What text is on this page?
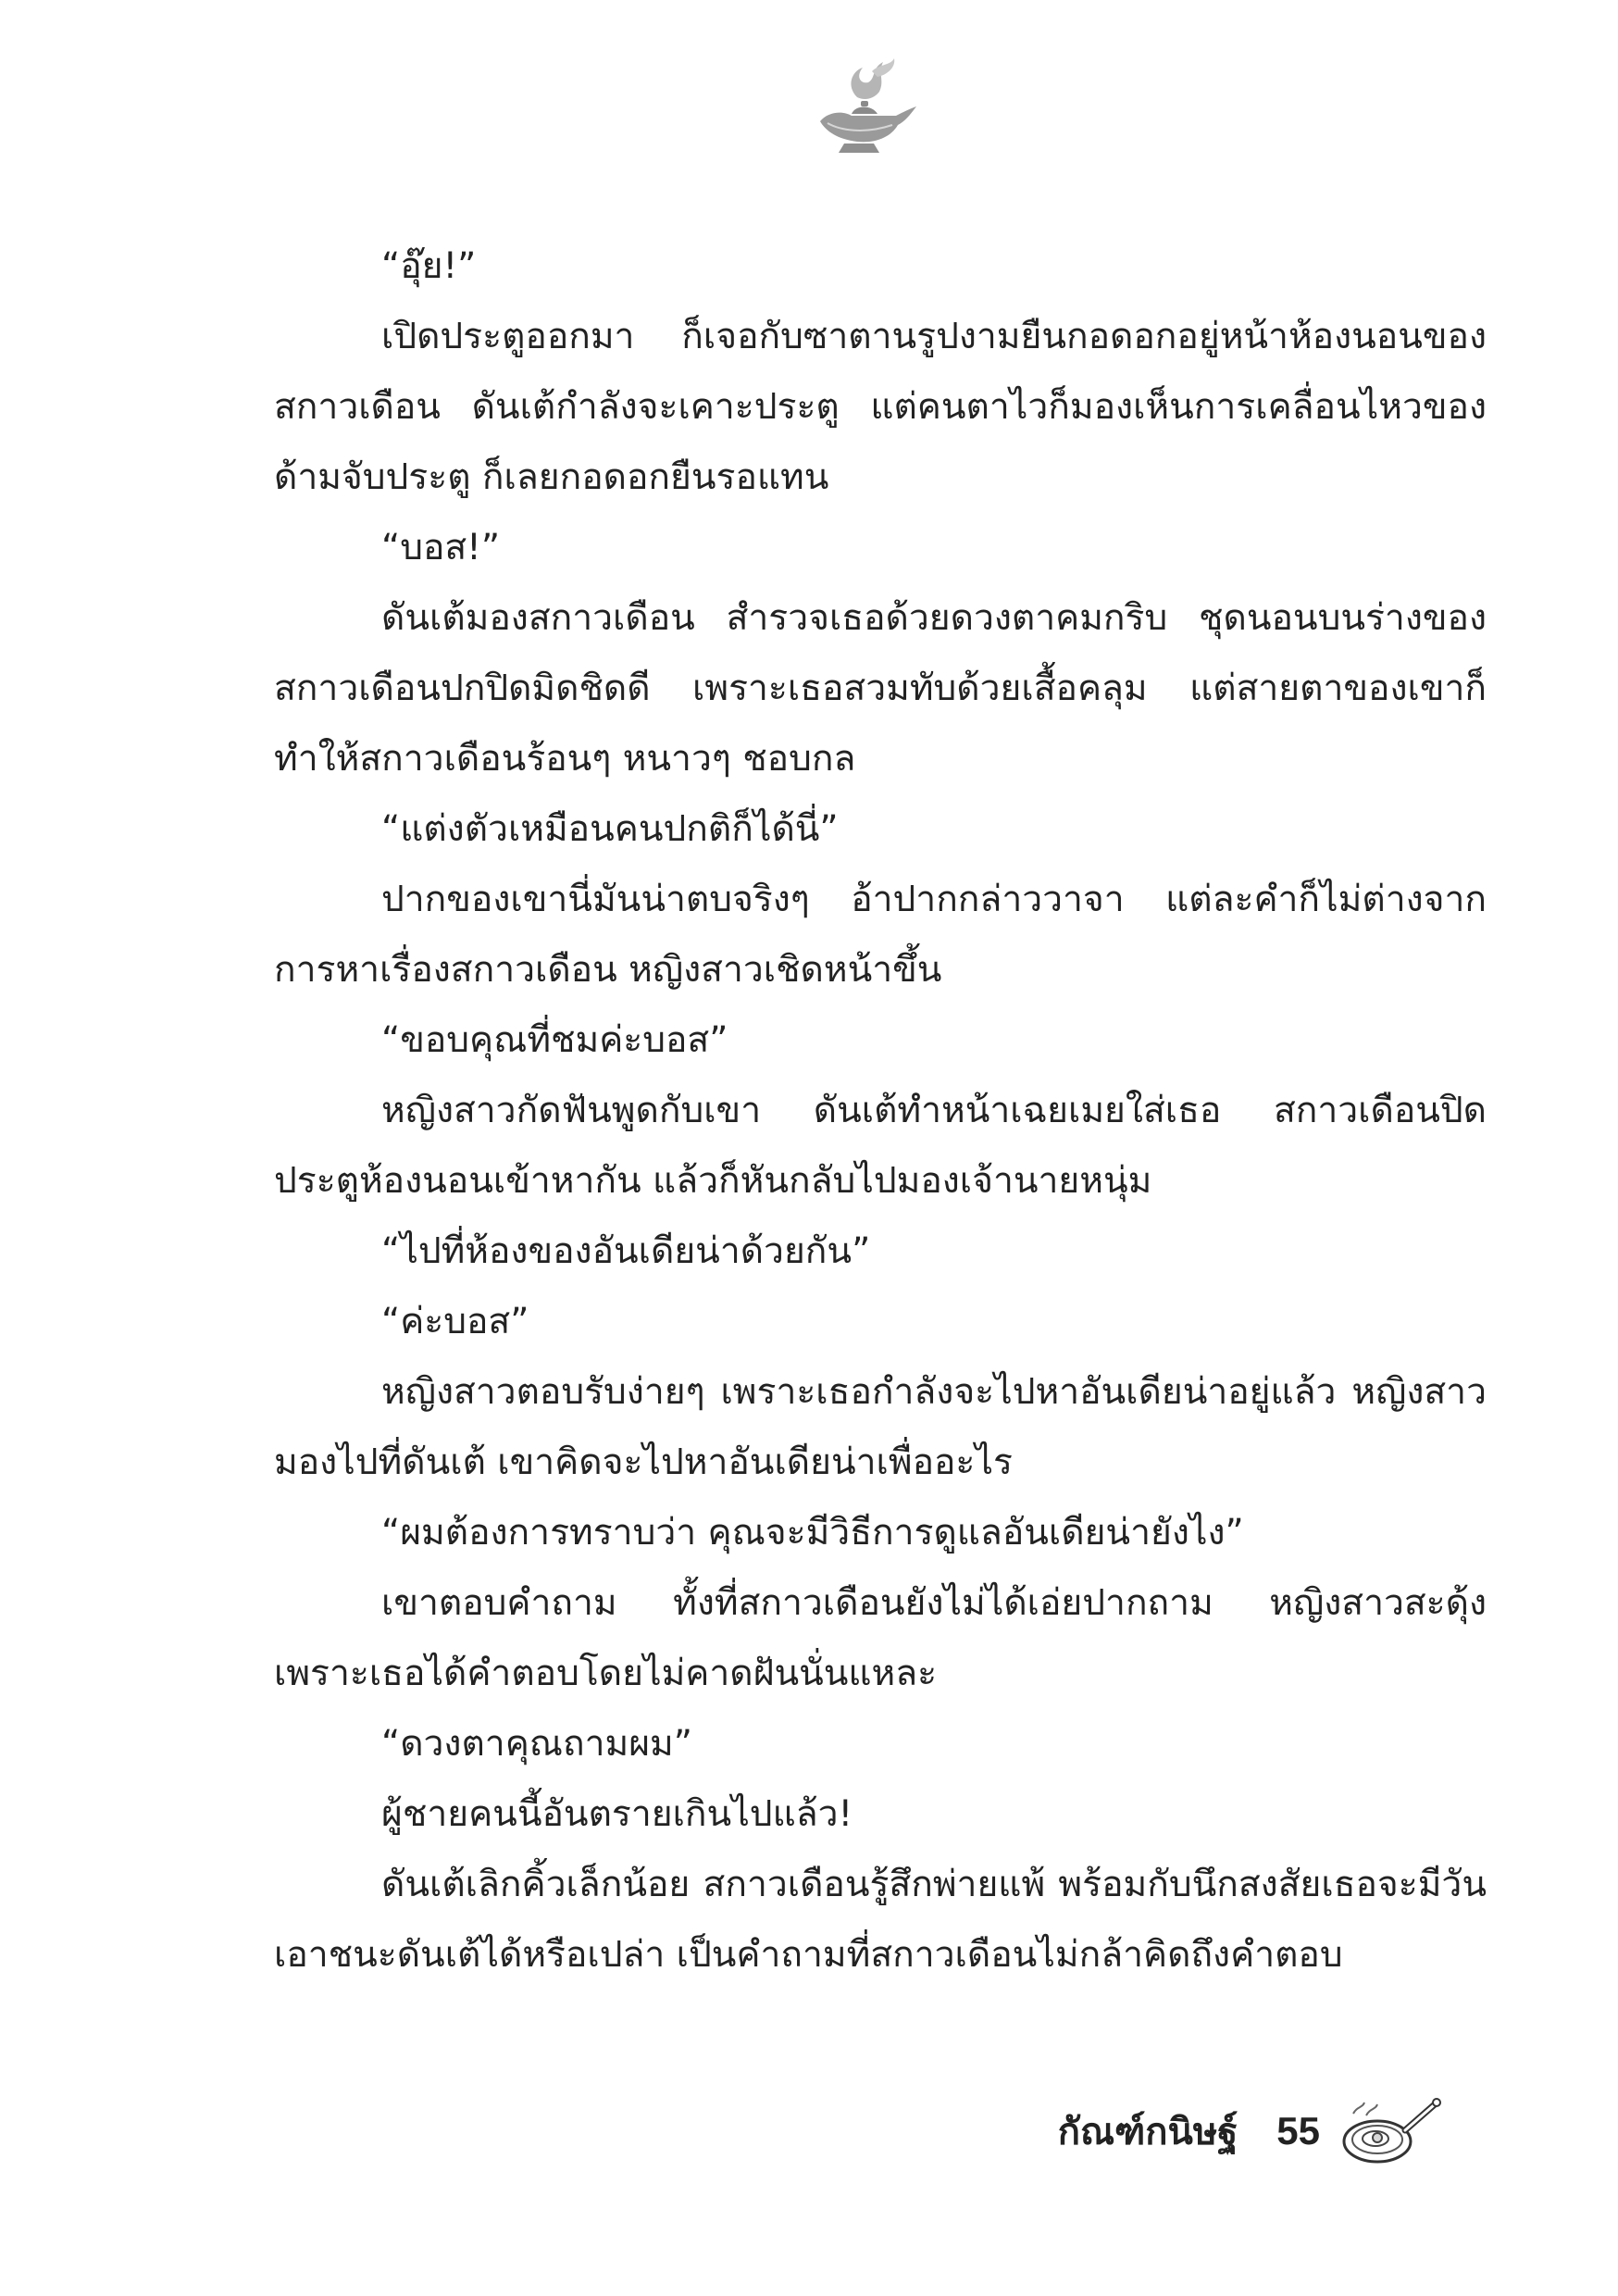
“อุ๊ย!”

เปิดประตูออกมา ก็เจอกับซาตานรูปงามยืนกอดอกอยู่หน้าห้องนอนของสกาวเดือน ดันเต้กำลังจะเคาะประตู แต่คนตาไวก็มองเห็นการเคลื่อนไหวของด้ามจับประตู ก็เลยกอดอกยืนรอแทน

“บอส!”

ดันเต้มองสกาวเดือน สำรวจเธอด้วยดวงตาคมกริบ ชุดนอนบนร่างของสกาวเดือนปกปิดมิดชิดดี เพราะเธอสวมทับด้วยเสื้อคลุม แต่สายตาของเขาก็ทำให้สกาวเดือนร้อนๆ หนาวๆ ชอบกล

“แต่งตัวเหมือนคนปกติก็ได้นี่”

ปากของเขานี่มันน่าตบจริงๆ อ้าปากกล่าววาจา แต่ละคำก็ไม่ต่างจากการหาเรื่องสกาวเดือน หญิงสาวเชิดหน้าขึ้น

“ขอบคุณที่ชมค่ะบอส”

หญิงสาวกัดฟันพูดกับเขา ดันเต้ทำหน้าเฉยเมยใส่เธอ สกาวเดือนปิดประตูห้องนอนเข้าหากัน แล้วก็หันกลับไปมองเจ้านายหนุ่ม

“ไปที่ห้องของอันเดียน่าด้วยกัน”

“ค่ะบอส”

หญิงสาวตอบรับง่ายๆ เพราะเธอกำลังจะไปหาอันเดียน่าอยู่แล้ว หญิงสาวมองไปที่ดันเต้ เขาคิดจะไปหาอันเดียน่าเพื่ออะไร

“ผมต้องการทราบว่า คุณจะมีวิธีการดูแลอันเดียน่ายังไง”

เขาตอบคำถาม ทั้งที่สกาวเดือนยังไม่ได้เอ่ยปากถาม หญิงสาวสะดุ้ง เพราะเธอได้คำตอบโดยไม่คาดฝันนั่นแหละ

“ดวงตาคุณถามผม”

ผู้ชายคนนี้อันตรายเกินไปแล้ว!

ดันเต้เลิกคิ้วเล็กน้อย สกาวเดือนรู้สึกพ่ายแพ้ พร้อมกับนึกสงสัยเธอจะมีวันเอาชนะดันเต้ได้หรือเปล่า เป็นคำถามที่สกาวเดือนไม่กล้าคิดถึงคำตอบ

กัณฑ์กนิษฐ์ 55
